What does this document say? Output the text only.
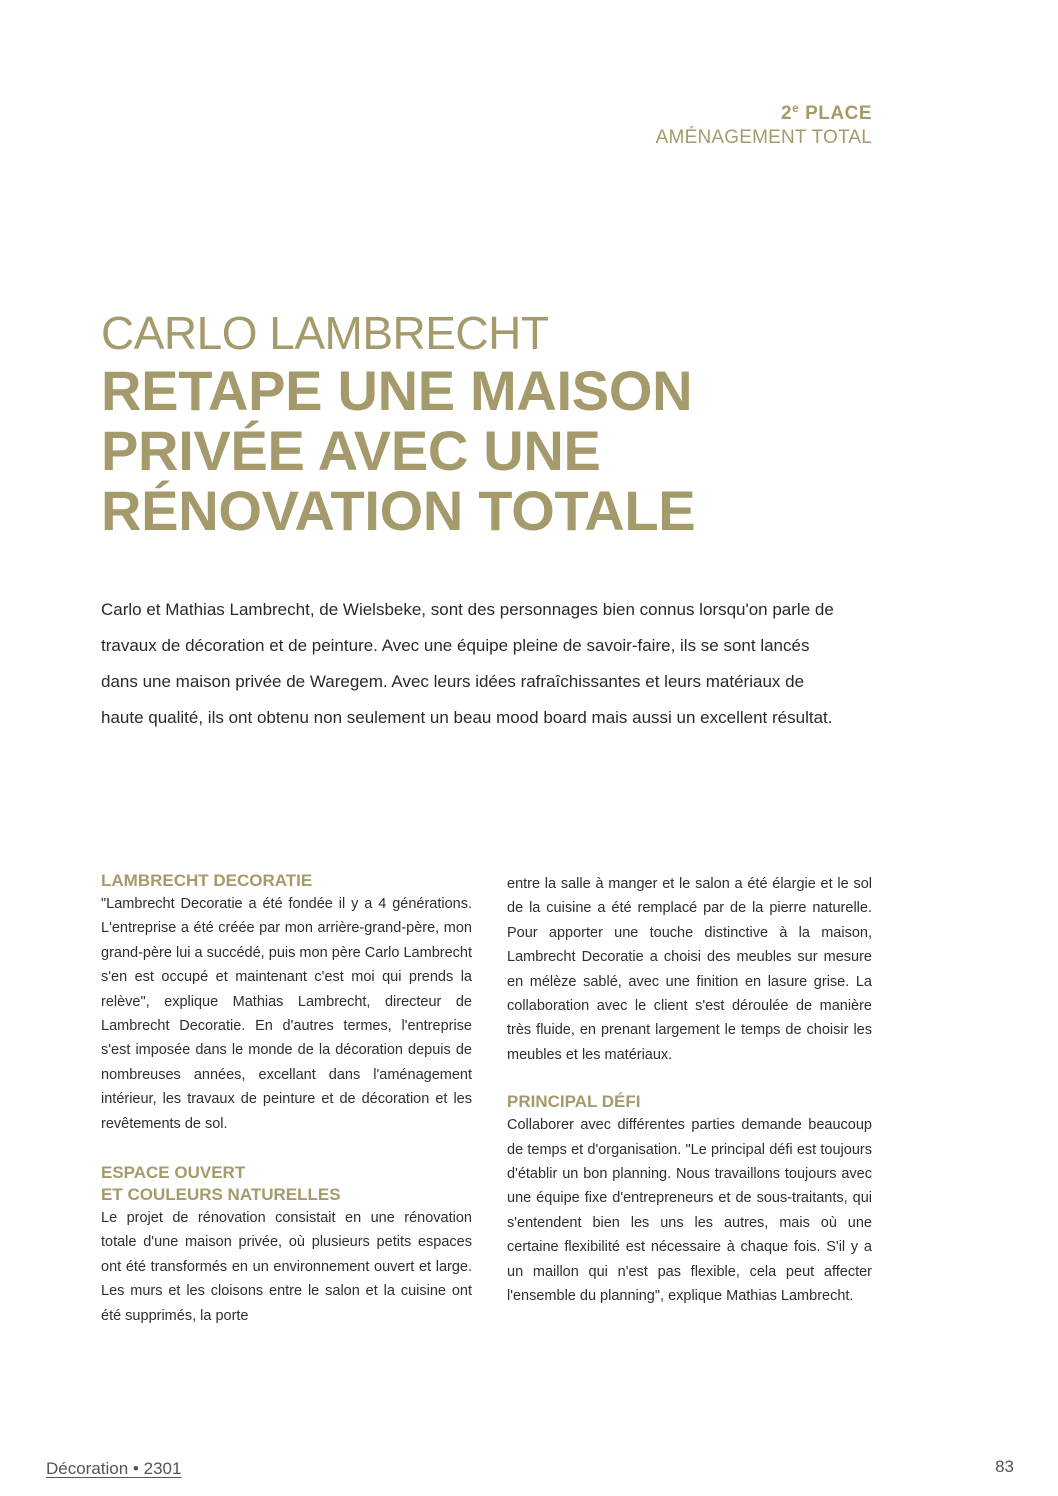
2e PLACE
AMÉNAGEMENT TOTAL
CARLO LAMBRECHT
RETAPE UNE MAISON
PRIVÉE AVEC UNE
RÉNOVATION TOTALE

Carlo et Mathias Lambrecht, de Wielsbeke, sont des personnages bien connus lorsqu'on parle de travaux de décoration et de peinture. Avec une équipe pleine de savoir-faire, ils se sont lancés dans une maison privée de Waregem. Avec leurs idées rafraîchissantes et leurs matériaux de haute qualité, ils ont obtenu non seulement un beau mood board mais aussi un excellent résultat.

LAMBRECHT DECORATIE

"Lambrecht Decoratie a été fondée il y a 4 générations. L'entreprise a été créée par mon arrière-grand-père, mon grand-père lui a succédé, puis mon père Carlo Lambrecht s'en est occupé et maintenant c'est moi qui prends la relève", explique Mathias Lambrecht, directeur de Lambrecht Decoratie. En d'autres termes, l'entreprise s'est imposée dans le monde de la décoration depuis de nombreuses années, excellant dans l'aménagement intérieur, les travaux de peinture et de décoration et les revêtements de sol.

ESPACE OUVERT
ET COULEURS NATURELLES

Le projet de rénovation consistait en une rénovation totale d'une maison privée, où plusieurs petits espaces ont été transformés en un environnement ouvert et large. Les murs et les cloisons entre le salon et la cuisine ont été supprimés, la porte

entre la salle à manger et le salon a été élargie et le sol de la cuisine a été remplacé par de la pierre naturelle. Pour apporter une touche distinctive à la maison, Lambrecht Decoratie a choisi des meubles sur mesure en mélèze sablé, avec une finition en lasure grise. La collaboration avec le client s'est déroulée de manière très fluide, en prenant largement le temps de choisir les meubles et les matériaux.

PRINCIPAL DÉFI

Collaborer avec différentes parties demande beaucoup de temps et d'organisation. "Le principal défi est toujours d'établir un bon planning. Nous travaillons toujours avec une équipe fixe d'entrepreneurs et de sous-traitants, qui s'entendent bien les uns les autres, mais où une certaine flexibilité est nécessaire à chaque fois. S'il y a un maillon qui n'est pas flexible, cela peut affecter l'ensemble du planning", explique Mathias Lambrecht.

Décoration • 2301	83
